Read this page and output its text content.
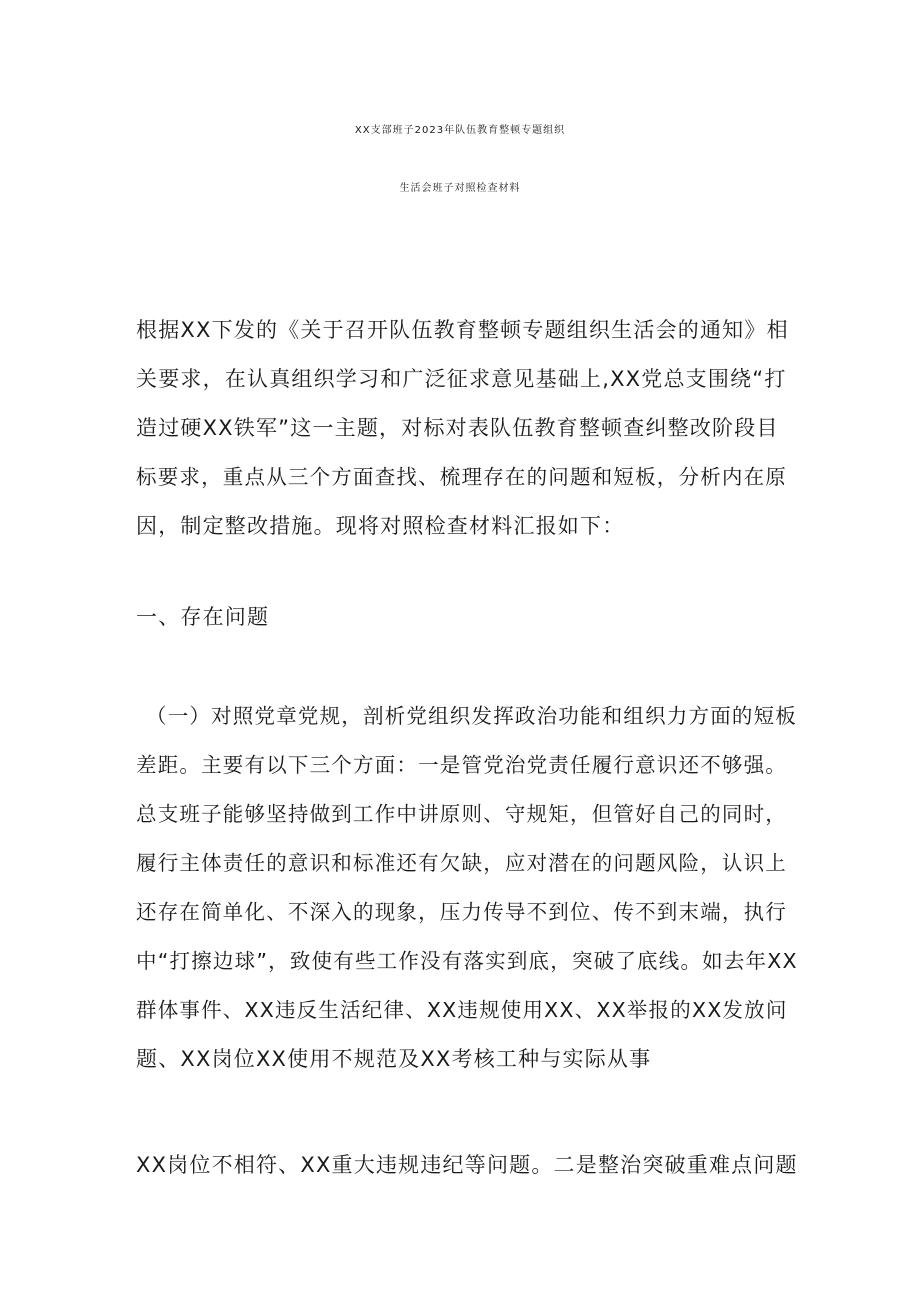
XX支部班子2023年队伍教育整顿专题组织
生活会班子对照检查材料
根据XX下发的《关于召开队伍教育整顿专题组织生活会的通知》相
关要求，在认真组织学习和广泛征求意见基础上,XX党总支围绕“打
造过硬XX铁军”这一主题，对标对表队伍教育整顿查纠整改阶段目
标要求，重点从三个方面查找、梳理存在的问题和短板，分析内在原
因，制定整改措施。现将对照检查材料汇报如下：
一、存在问题
（一）对照党章党规，剖析党组织发挥政治功能和组织力方面的短板
差距。主要有以下三个方面：一是管党治党责任履行意识还不够强。
总支班子能够坚持做到工作中讲原则、守规矩，但管好自己的同时，
履行主体责任的意识和标准还有欠缺，应对潜在的问题风险，认识上
还存在简单化、不深入的现象，压力传导不到位、传不到末端，执行
中“打擦边球”，致使有些工作没有落实到底，突破了底线。如去年XX
群体事件、XX违反生活纪律、XX违规使用XX、XX举报的XX发放问
题、XX岗位XX使用不规范及XX考核工种与实际从事
XX岗位不相符、XX重大违规违纪等问题。二是整治突破重难点问题
